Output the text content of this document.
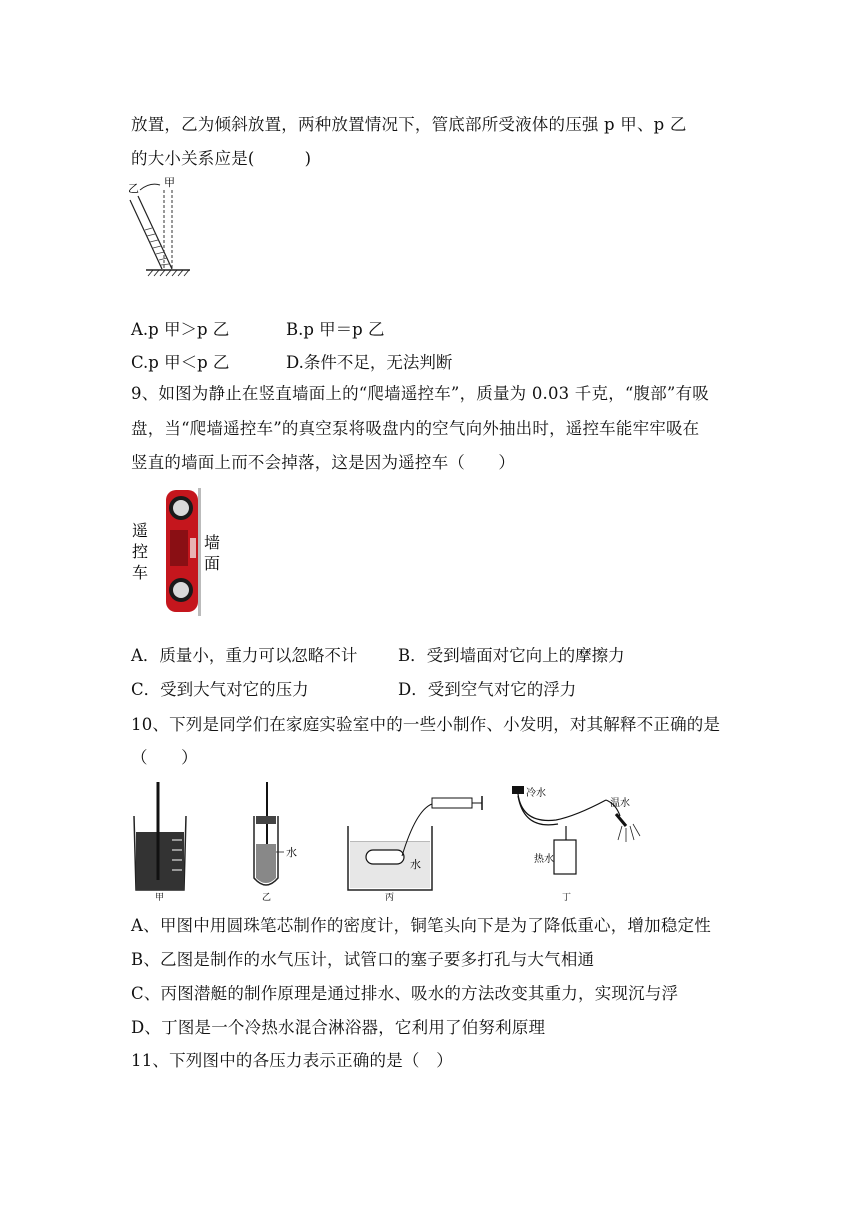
放置，乙为倾斜放置，两种放置情况下，管底部所受液体的压强 p 甲、p 乙
的大小关系应是(　　　)
乙 甲
A.p 甲＞p 乙	B.p 甲＝p 乙
C.p 甲＜p 乙	D.条件不足，无法判断
9、如图为静止在竖直墙面上的“爬墙遥控车”，质量为 0.03 千克，“腹部”有吸
盘，当“爬墙遥控车”的真空泵将吸盘内的空气向外抽出时，遥控车能牢牢吸在
竖直的墙面上而不会掉落，这是因为遥控车（　　）
遥
控
车
墙
面
A．质量小，重力可以忽略不计 B．受到墙面对它向上的摩擦力
C．受到大气对它的压力	D．受到空气对它的浮力
10、下列是同学们在家庭实验室中的一些小制作、小发明，对其解释不正确的是
（　　）
甲
水
乙
水
丙
冷水
热水
温水
丁
A、甲图中用圆珠笔芯制作的密度计，铜笔头向下是为了降低重心，增加稳定性
B、乙图是制作的水气压计，试管口的塞子要多打孔与大气相通
C、丙图潜艇的制作原理是通过排水、吸水的方法改变其重力，实现沉与浮
D、丁图是一个冷热水混合淋浴器，它利用了伯努利原理
11、下列图中的各压力表示正确的是（　）
